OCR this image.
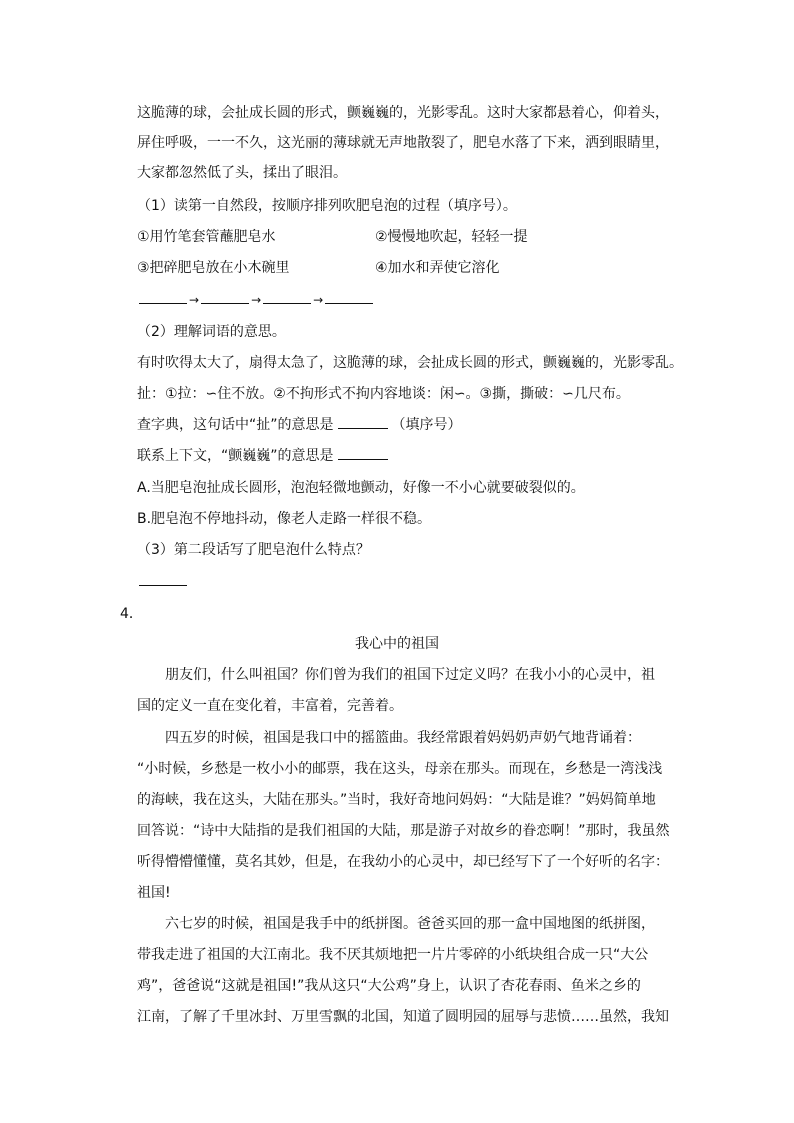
这脆薄的球，会扯成长圆的形式，颤巍巍的，光影零乱。这时大家都悬着心，仰着头，
屏住呼吸，一一不久，这光丽的薄球就无声地散裂了，肥皂水落了下来，洒到眼睛里，
大家都忽然低了头，揉出了眼泪。
（1）读第一自然段，按顺序排列吹肥皂泡的过程（填序号）。
①用竹笔套管蘸肥皂水	②慢慢地吹起，轻轻一提
③把碎肥皂放在小木碗里	④加水和弄使它溶化
→	→	→
（2）理解词语的意思。
有时吹得太大了，扇得太急了，这脆薄的球，会扯成长圆的形式，颤巍巍的，光影零乱。
扯：①拉：∽住不放。②不拘形式不拘内容地谈：闲∽。③撕，撕破：∽几尺布。
查字典，这句话中“扯”的意思是	（填序号）
联系上下文，“颤巍巍”的意思是
A.当肥皂泡扯成长圆形，泡泡轻微地颤动，好像一不小心就要破裂似的。
B.肥皂泡不停地抖动，像老人走路一样很不稳。
（3）第二段话写了肥皂泡什么特点？
4．
我心中的祖国
朋友们，什么叫祖国？你们曾为我们的祖国下过定义吗？在我小小的心灵中，祖
国的定义一直在变化着，丰富着，完善着。
四五岁的时候，祖国是我口中的摇篮曲。我经常跟着妈妈奶声奶气地背诵着：
“小时候，乡愁是一枚小小的邮票，我在这头，母亲在那头。而现在，乡愁是一湾浅浅
的海峡，我在这头，大陆在那头。”当时，我好奇地问妈妈：“大陆是谁？”妈妈简单地
回答说：“诗中大陆指的是我们祖国的大陆，那是游子对故乡的眷恋啊！”那时，我虽然
听得懵懵懂懂，莫名其妙，但是，在我幼小的心灵中，却已经写下了一个好听的名字：
祖国!
六七岁的时候，祖国是我手中的纸拼图。爸爸买回的那一盒中国地图的纸拼图，
带我走进了祖国的大江南北。我不厌其烦地把一片片零碎的小纸块组合成一只“大公
鸡”，爸爸说“这就是祖国!”我从这只“大公鸡”身上，认识了杏花春雨、鱼米之乡的
江南，了解了千里冰封、万里雪飘的北国，知道了圆明园的屈辱与悲愤……虽然，我知
